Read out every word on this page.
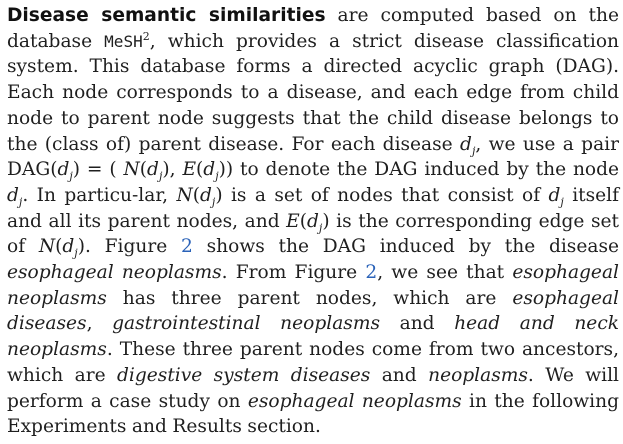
Disease semantic similarities are computed based on the database MeSH$^2$, which provides a strict disease classification system. This database forms a directed acyclic graph (DAG). Each node corresponds to a disease, and each edge from child node to parent node suggests that the child disease belongs to the (class of) parent disease. For each disease $d_j$, we use a pair $DAG(d_j)$ = ( $N(d_j)$, $E(d_j)$) to denote the DAG induced by the node $d_j$. In particu-lar, $N(d_j)$ is a set of nodes that consist of $d_j$ itself and all its parent nodes, and $E(d_j)$ is the corresponding edge set of $N(d_j)$. Figure 2 shows the DAG induced by the disease esophageal neoplasms. From Figure 2, we see that esophageal neoplasms has three parent nodes, which are esophageal diseases, gastrointestinal neoplasms and head and neck neoplasms. These three parent nodes come from two ancestors, which are digestive system diseases and neoplasms. We will perform a case study on esophageal neoplasms in the following Experiments and Results section.
